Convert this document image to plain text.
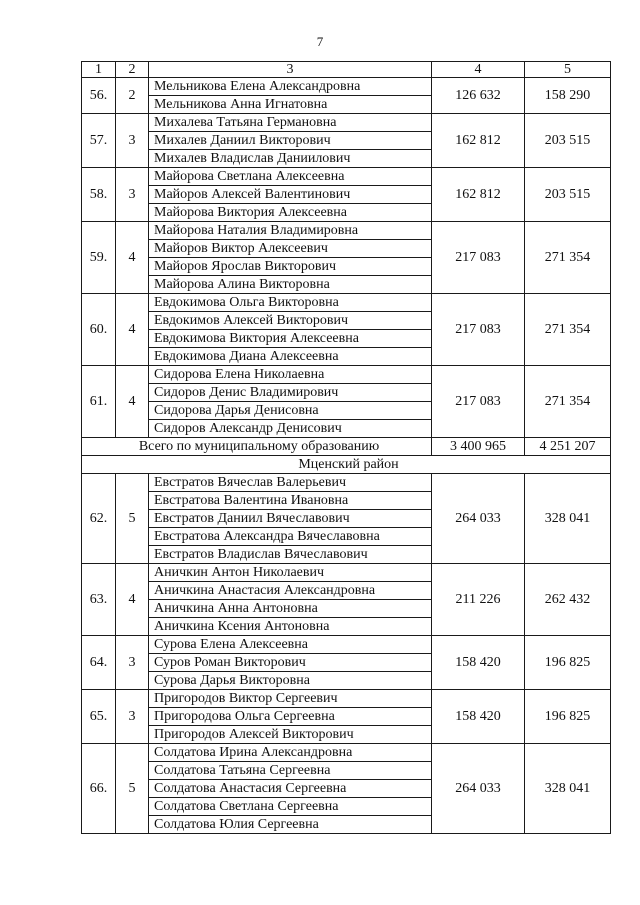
7
1	2	3	4	5
56.	2	Мельникова Елена Александровна	126 632	158 290
		Мельникова Анна Игнатовна		
57.	3	Михалева Татьяна Германовна	162 812	203 515
		Михалев Даниил Викторович		
		Михалев Владислав Даниилович		
58.	3	Майорова Светлана Алексеевна	162 812	203 515
		Майоров Алексей Валентинович		
		Майорова Виктория Алексеевна		
59.	4	Майорова Наталия Владимировна	217 083	271 354
		Майоров Виктор Алексеевич		
		Майоров Ярослав Викторович		
		Майорова Алина Викторовна		
60.	4	Евдокимова Ольга Викторовна	217 083	271 354
		Евдокимов Алексей Викторович		
		Евдокимова Виктория Алексеевна		
		Евдокимова Диана Алексеевна		
61.	4	Сидорова Елена Николаевна	217 083	271 354
		Сидоров Денис Владимирович		
		Сидорова Дарья Денисовна		
		Сидоров Александр Денисович		
Всего по муниципальному образованию			3 400 965	4 251 207
Мценский район				
62.	5	Евстратов Вячеслав Валерьевич	264 033	328 041
		Евстратова Валентина Ивановна		
		Евстратов Даниил Вячеславович		
		Евстратова Александра Вячеславовна		
		Евстратов Владислав Вячеславович		
63.	4	Аничкин Антон Николаевич	211 226	262 432
		Аничкина Анастасия Александровна		
		Аничкина Анна Антоновна		
		Аничкина Ксения Антоновна		
64.	3	Сурова Елена Алексеевна	158 420	196 825
		Суров Роман Викторович		
		Сурова Дарья Викторовна		
65.	3	Пригородов Виктор Сергеевич	158 420	196 825
		Пригородова Ольга Сергеевна		
		Пригородов Алексей Викторович		
66.	5	Солдатова Ирина Александровна	264 033	328 041
		Солдатова Татьяна Сергеевна		
		Солдатова Анастасия Сергеевна		
		Солдатова Светлана Сергеевна		
		Солдатова Юлия Сергеевна		
